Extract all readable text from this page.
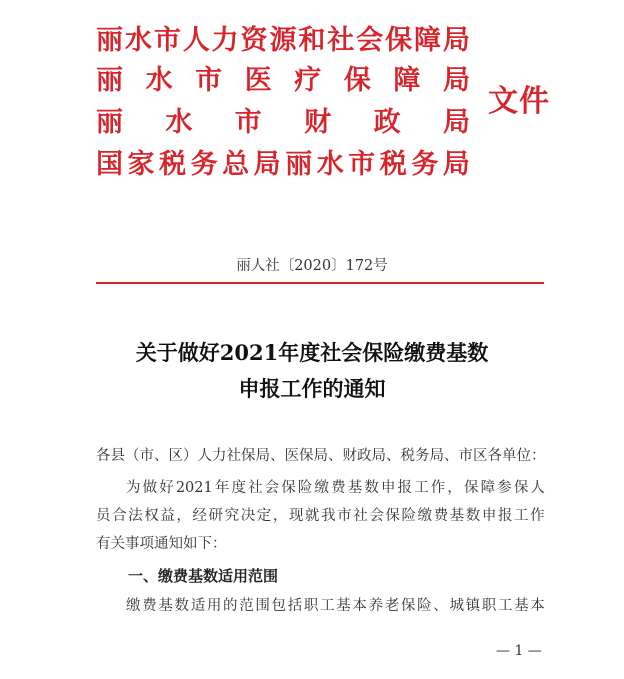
丽 水 市 人 力 资 源 和 社 会 保 障 局
丽 水 市 医 疗 保 障 局
丽 水 市 财 政 局
国 家 税 务 总 局 丽 水 市 税 务 局
文件
丽人社〔2020〕172号
关于做好2021年度社会保险缴费基数
申报工作的通知
各县（市、区）人力社保局、医保局、财政局、税务局、市区各单位：
为 做 好 2021 年 度 社 会 保 险 缴 费 基 数 申 报 工 作 ， 保 障 参 保 人
员 合 法 权 益 ， 经 研 究 决 定 ， 现 就 我 市 社 会 保 险 缴 费 基 数 申 报 工 作
有关事项通知如下：
一、缴费基数适用范围
缴 费 基 数 适 用 的 范 围 包 括 职 工 基 本 养 老 保 险 、 城 镇 职 工 基 本
— 1 —
